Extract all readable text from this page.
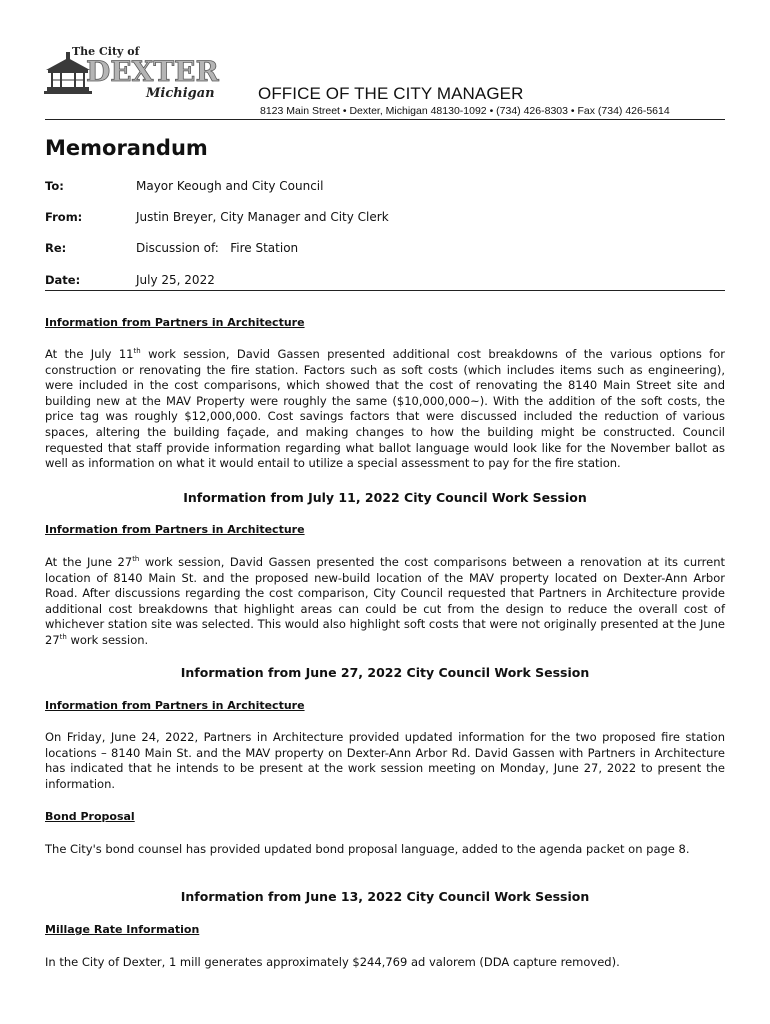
The City of
DEXTER
Michigan	OFFICE OF THE CITY MANAGER
8123 Main Street • Dexter, Michigan 48130-1092 • (734) 426-8303 • Fax (734) 426-5614
Memorandum
To:	Mayor Keough and City Council
From:	Justin Breyer, City Manager and City Clerk
Re:	Discussion of:   Fire Station
Date:	July 25, 2022
Information from Partners in Architecture
At the July 11th work session, David Gassen presented additional cost breakdowns of the various options for construction or renovating the fire station. Factors such as soft costs (which includes items such as engineering), were included in the cost comparisons, which showed that the cost of renovating the 8140 Main Street site and building new at the MAV Property were roughly the same ($10,000,000~). With the addition of the soft costs, the price tag was roughly $12,000,000. Cost savings factors that were discussed included the reduction of various spaces, altering the building façade, and making changes to how the building might be constructed. Council requested that staff provide information regarding what ballot language would look like for the November ballot as well as information on what it would entail to utilize a special assessment to pay for the fire station.
Information from July 11, 2022 City Council Work Session
Information from Partners in Architecture
At the June 27th work session, David Gassen presented the cost comparisons between a renovation at its current location of 8140 Main St. and the proposed new-build location of the MAV property located on Dexter-Ann Arbor Road. After discussions regarding the cost comparison, City Council requested that Partners in Architecture provide additional cost breakdowns that highlight areas can could be cut from the design to reduce the overall cost of whichever station site was selected. This would also highlight soft costs that were not originally presented at the June 27th work session.
Information from June 27, 2022 City Council Work Session
Information from Partners in Architecture
On Friday, June 24, 2022, Partners in Architecture provided updated information for the two proposed fire station locations – 8140 Main St. and the MAV property on Dexter-Ann Arbor Rd. David Gassen with Partners in Architecture has indicated that he intends to be present at the work session meeting on Monday, June 27, 2022 to present the information.
Bond Proposal
The City's bond counsel has provided updated bond proposal language, added to the agenda packet on page 8.
Information from June 13, 2022 City Council Work Session
Millage Rate Information
In the City of Dexter, 1 mill generates approximately $244,769 ad valorem (DDA capture removed).
